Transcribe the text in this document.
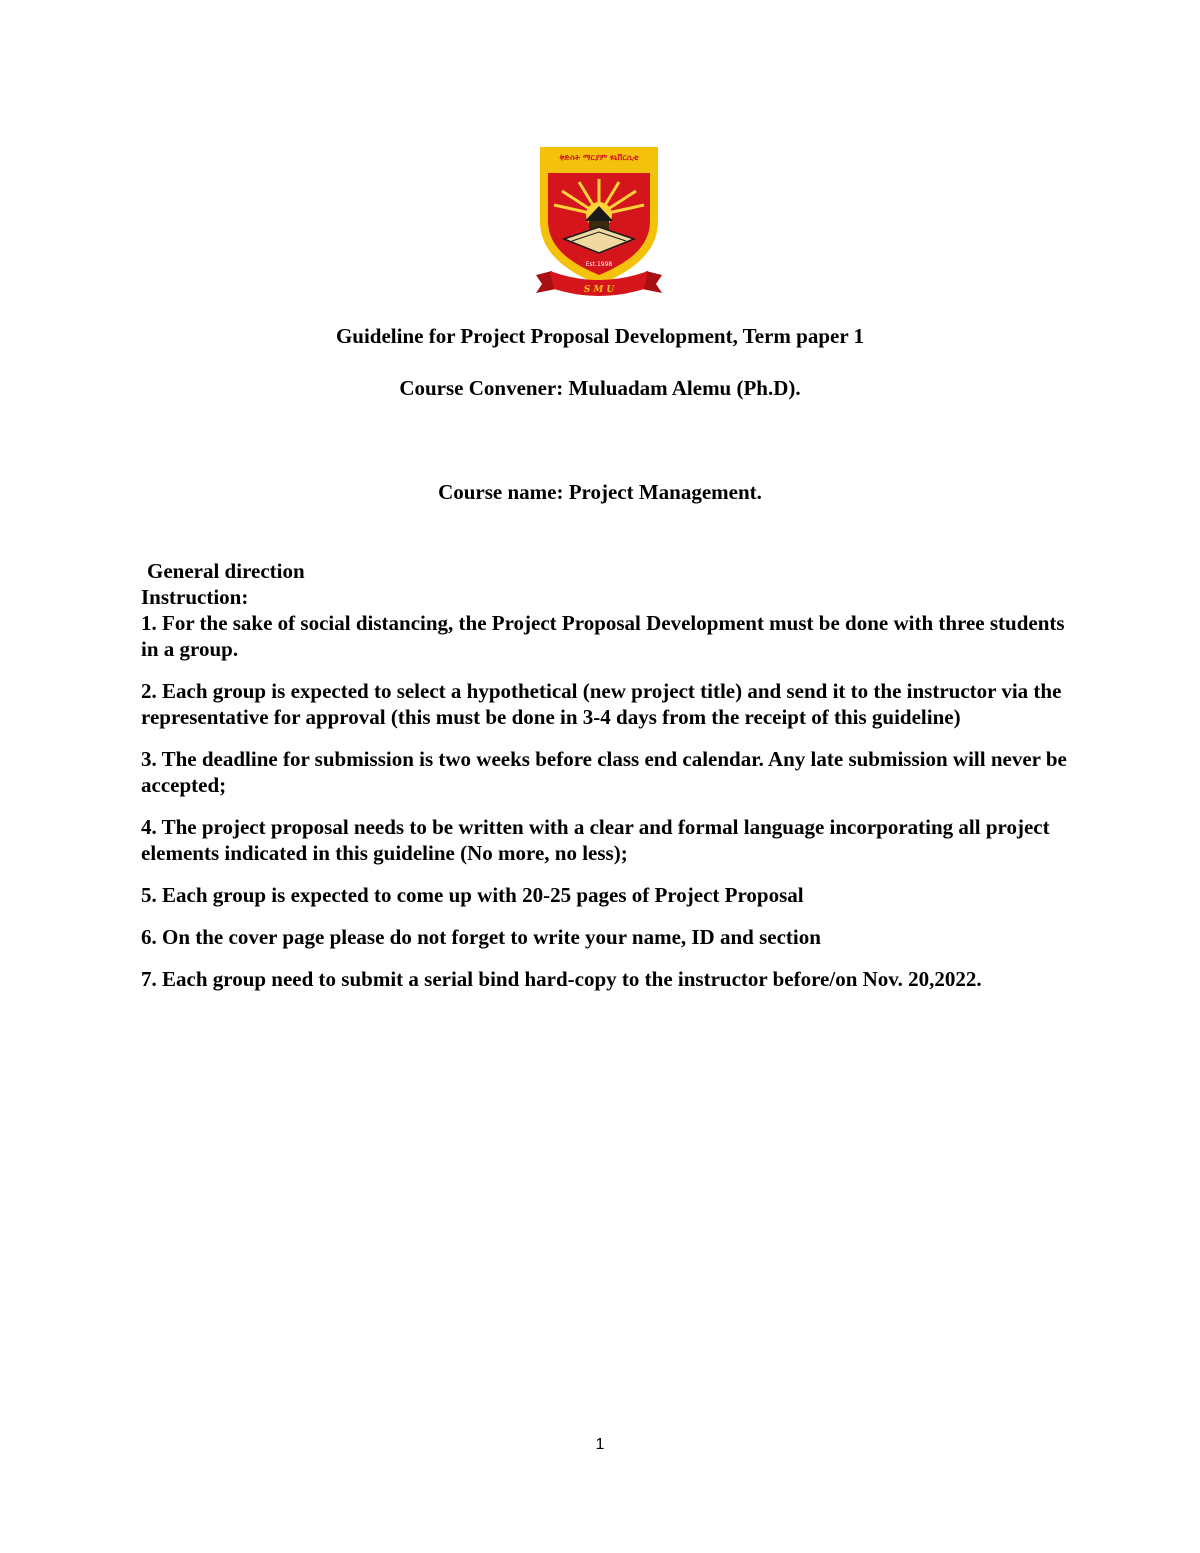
ቅድስት ማርያም ዩኒቨርሲቲ
Est.1998
S M U
Guideline for Project Proposal Development, Term paper 1
Course Convener: Muluadam Alemu (Ph.D).
Course name: Project Management.
General direction
Instruction:
1. For the sake of social distancing, the Project Proposal Development must be done with three students in a group.
2. Each group is expected to select a hypothetical (new project title) and send it to the instructor via the representative for approval (this must be done in 3-4 days from the receipt of this guideline)
3. The deadline for submission is two weeks before class end calendar. Any late submission will never be accepted;
4. The project proposal needs to be written with a clear and formal language incorporating all project elements indicated in this guideline (No more, no less);
5. Each group is expected to come up with 20-25 pages of Project Proposal
6. On the cover page please do not forget to write your name, ID and section
7. Each group need to submit a serial bind hard-copy to the instructor before/on Nov. 20,2022.
1
